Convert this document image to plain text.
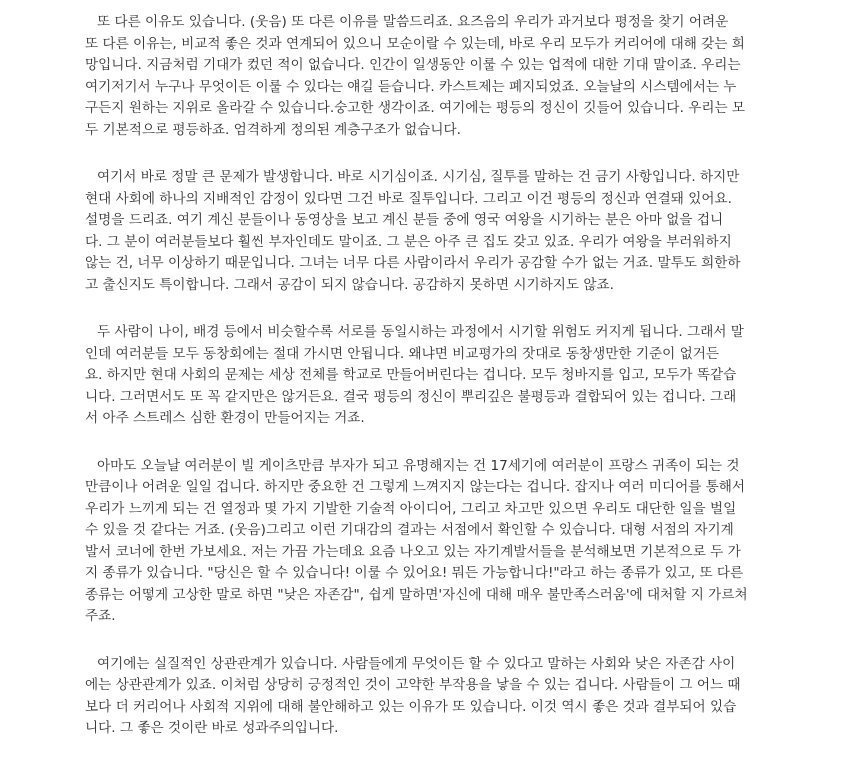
또 다른 이유도 있습니다. (웃음) 또 다른 이유를 말씀드리죠. 요즈음의 우리가 과거보다 평정을 찾기 어려운
또 다른 이유는, 비교적 좋은 것과 연계되어 있으니 모순이랄 수 있는데, 바로 우리 모두가 커리어에 대해 갖는 희
망입니다. 지금처럼 기대가 컸던 적이 없습니다. 인간이 일생동안 이룰 수 있는 업적에 대한 기대 말이죠. 우리는
여기저기서 누구나 무엇이든 이룰 수 있다는 얘길 듣습니다. 카스트제는 폐지되었죠. 오늘날의 시스템에서는 누
구든지 원하는 지위로 올라갈 수 있습니다.숭고한 생각이죠. 여기에는 평등의 정신이 깃들어 있습니다. 우리는 모
두 기본적으로 평등하죠. 엄격하게 정의된 계층구조가 없습니다.

여기서 바로 정말 큰 문제가 발생합니다. 바로 시기심이죠. 시기심, 질투를 말하는 건 금기 사항입니다. 하지만
현대 사회에 하나의 지배적인 감정이 있다면 그건 바로 질투입니다. 그리고 이건 평등의 정신과 연결돼 있어요.
설명을 드리죠. 여기 계신 분들이나 동영상을 보고 계신 분들 중에 영국 여왕을 시기하는 분은 아마 없을 겁니
다. 그 분이 여러분들보다 훨씬 부자인데도 말이죠. 그 분은 아주 큰 집도 갖고 있죠. 우리가 여왕을 부러워하지
않는 건, 너무 이상하기 때문입니다. 그녀는 너무 다른 사람이라서 우리가 공감할 수가 없는 거죠. 말투도 희한하
고 출신지도 특이합니다. 그래서 공감이 되지 않습니다. 공감하지 못하면 시기하지도 않죠.

두 사람이 나이, 배경 등에서 비슷할수록 서로를 동일시하는 과정에서 시기할 위험도 커지게 됩니다. 그래서 말
인데 여러분들 모두 동창회에는 절대 가시면 안됩니다. 왜냐면 비교평가의 잣대로 동창생만한 기준이 없거든
요. 하지만 현대 사회의 문제는 세상 전체를 학교로 만들어버린다는 겁니다. 모두 청바지를 입고, 모두가 똑같습
니다. 그러면서도 또 꼭 같지만은 않거든요. 결국 평등의 정신이 뿌리깊은 불평등과 결합되어 있는 겁니다. 그래
서 아주 스트레스 심한 환경이 만들어지는 거죠.

아마도 오늘날 여러분이 빌 게이츠만큼 부자가 되고 유명해지는 건 17세기에 여러분이 프랑스 귀족이 되는 것
만큼이나 어려운 일일 겁니다. 하지만 중요한 건 그렇게 느껴지지 않는다는 겁니다. 잡지나 여러 미디어를 통해서
우리가 느끼게 되는 건 열정과 몇 가지 기발한 기술적 아이디어, 그리고 차고만 있으면 우리도 대단한 일을 벌일
수 있을 것 같다는 거죠. (웃음)그리고 이런 기대감의 결과는 서점에서 확인할 수 있습니다. 대형 서점의 자기계
발서 코너에 한번 가보세요. 저는 가끔 가는데요 요즘 나오고 있는 자기계발서들을 분석해보면 기본적으로 두 가
지 종류가 있습니다. "당신은 할 수 있습니다! 이룰 수 있어요! 뭐든 가능합니다!"라고 하는 종류가 있고, 또 다른
종류는 어떻게 고상한 말로 하면 "낮은 자존감", 쉽게 말하면'자신에 대해 매우 불만족스러움'에 대처할 지 가르쳐
주죠.

여기에는 실질적인 상관관계가 있습니다. 사람들에게 무엇이든 할 수 있다고 말하는 사회와 낮은 자존감 사이
에는 상관관계가 있죠. 이처럼 상당히 긍정적인 것이 고약한 부작용을 낳을 수 있는 겁니다. 사람들이 그 어느 때
보다 더 커리어나 사회적 지위에 대해 불안해하고 있는 이유가 또 있습니다. 이것 역시 좋은 것과 결부되어 있습
니다. 그 좋은 것이란 바로 성과주의입니다.
